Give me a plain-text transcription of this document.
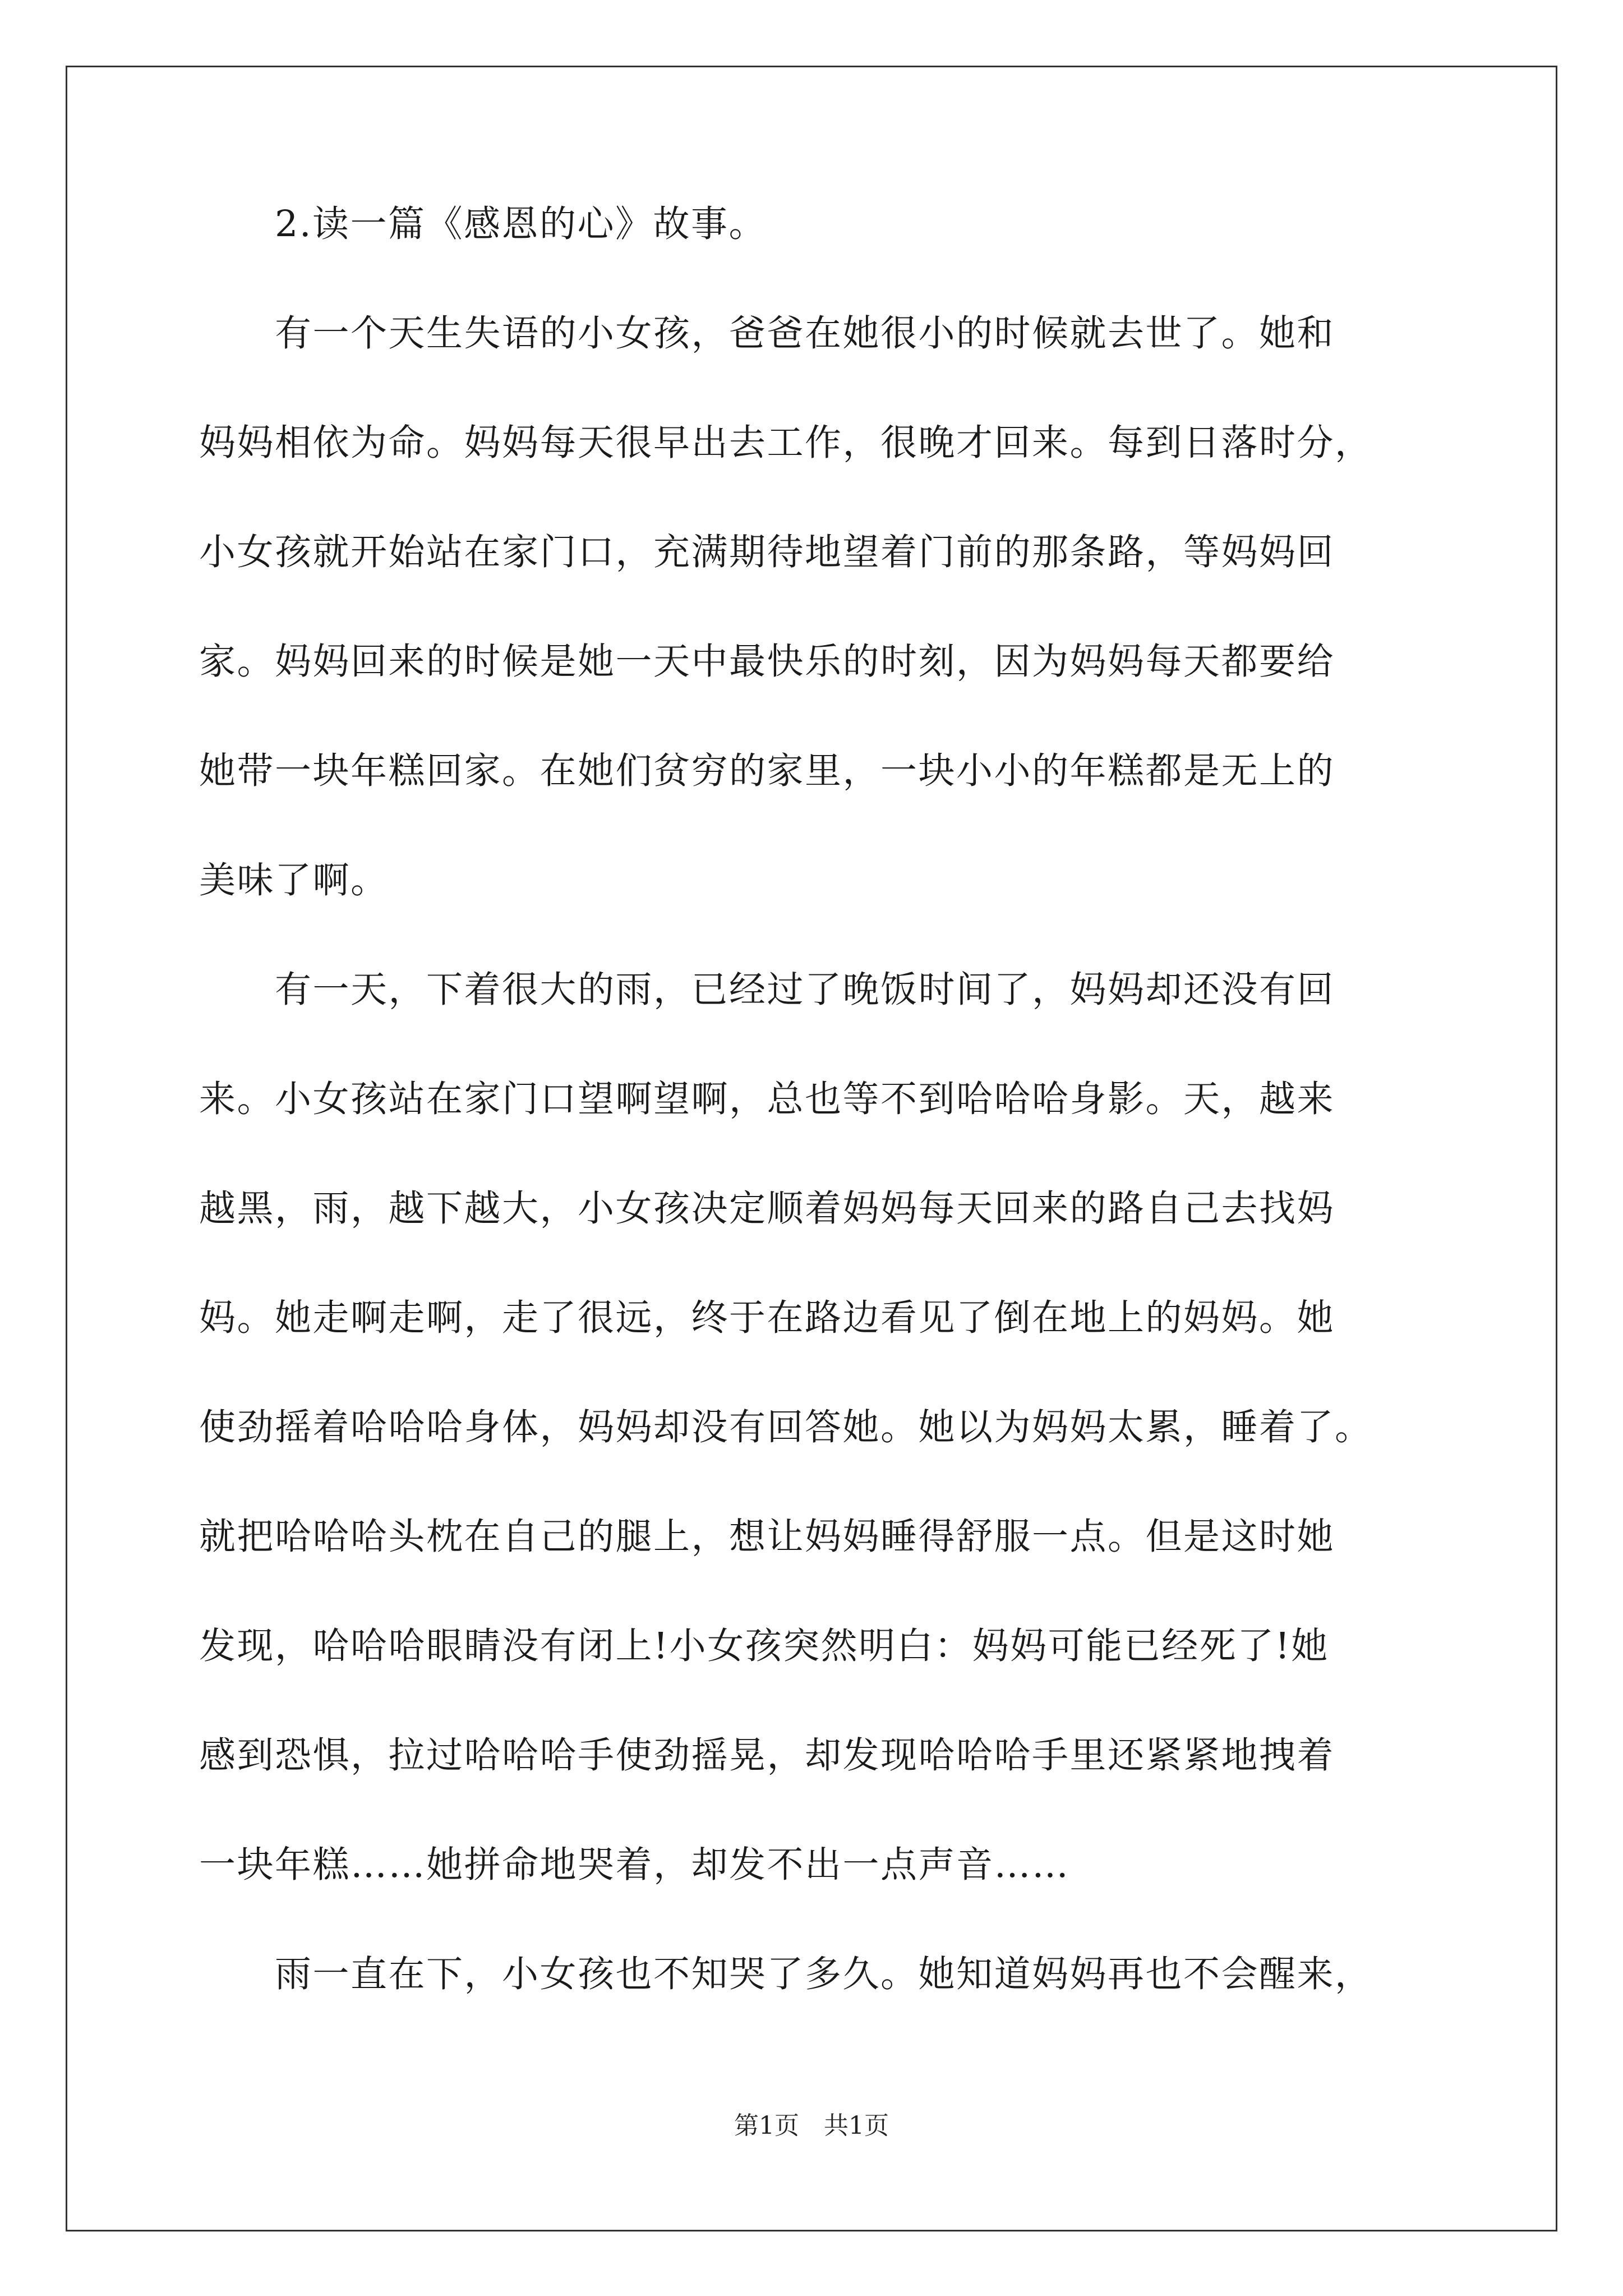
2.读一篇《感恩的心》故事。
有一个天生失语的小女孩，爸爸在她很小的时候就去世了。她和
妈妈相依为命。妈妈每天很早出去工作，很晚才回来。每到日落时分，
小女孩就开始站在家门口，充满期待地望着门前的那条路，等妈妈回
家。妈妈回来的时候是她一天中最快乐的时刻，因为妈妈每天都要给
她带一块年糕回家。在她们贫穷的家里，一块小小的年糕都是无上的
美味了啊。
有一天，下着很大的雨，已经过了晚饭时间了，妈妈却还没有回
来。小女孩站在家门口望啊望啊，总也等不到哈哈哈身影。天，越来
越黑，雨，越下越大，小女孩决定顺着妈妈每天回来的路自己去找妈
妈。她走啊走啊，走了很远，终于在路边看见了倒在地上的妈妈。她
使劲摇着哈哈哈身体，妈妈却没有回答她。她以为妈妈太累，睡着了。
就把哈哈哈头枕在自己的腿上，想让妈妈睡得舒服一点。但是这时她
发现，哈哈哈眼睛没有闭上!小女孩突然明白：妈妈可能已经死了!她
感到恐惧，拉过哈哈哈手使劲摇晃，却发现哈哈哈手里还紧紧地拽着
一块年糕……她拼命地哭着，却发不出一点声音……
雨一直在下，小女孩也不知哭了多久。她知道妈妈再也不会醒来，
第1页　共1页
